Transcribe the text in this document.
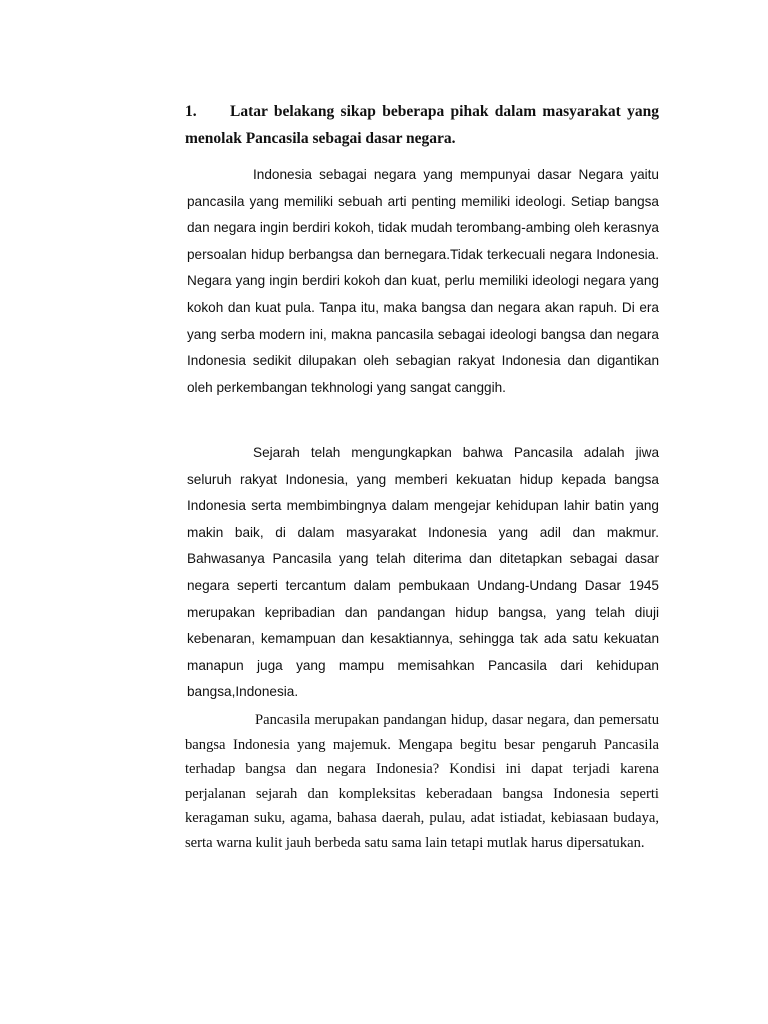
1. Latar belakang sikap beberapa pihak dalam masyarakat yang menolak Pancasila sebagai dasar negara.

Indonesia sebagai negara yang mempunyai dasar Negara yaitu pancasila yang memiliki sebuah arti penting memiliki ideologi. Setiap bangsa dan negara ingin berdiri kokoh, tidak mudah terombang-ambing oleh kerasnya persoalan hidup berbangsa dan bernegara.Tidak terkecuali negara Indonesia. Negara yang ingin berdiri kokoh dan kuat, perlu memiliki ideologi negara yang kokoh dan kuat pula. Tanpa itu, maka bangsa dan negara akan rapuh. Di era yang serba modern ini, makna pancasila sebagai ideologi bangsa dan negara Indonesia sedikit dilupakan oleh sebagian rakyat Indonesia dan digantikan oleh perkembangan tekhnologi yang sangat canggih.

Sejarah telah mengungkapkan bahwa Pancasila adalah jiwa seluruh rakyat Indonesia, yang memberi kekuatan hidup kepada bangsa Indonesia serta membimbingnya dalam mengejar kehidupan lahir batin yang makin baik, di dalam masyarakat Indonesia yang adil dan makmur. Bahwasanya Pancasila yang telah diterima dan ditetapkan sebagai dasar negara seperti tercantum dalam pembukaan Undang-Undang Dasar 1945 merupakan kepribadian dan pandangan hidup bangsa, yang telah diuji kebenaran, kemampuan dan kesaktiannya, sehingga tak ada satu kekuatan manapun juga yang mampu memisahkan Pancasila dari kehidupan bangsa,Indonesia.

Pancasila merupakan pandangan hidup, dasar negara, dan pemersatu bangsa Indonesia yang majemuk. Mengapa begitu besar pengaruh Pancasila terhadap bangsa dan negara Indonesia? Kondisi ini dapat terjadi karena perjalanan sejarah dan kompleksitas keberadaan bangsa Indonesia seperti keragaman suku, agama, bahasa daerah, pulau, adat istiadat, kebiasaan budaya, serta warna kulit jauh berbeda satu sama lain tetapi mutlak harus dipersatukan.
